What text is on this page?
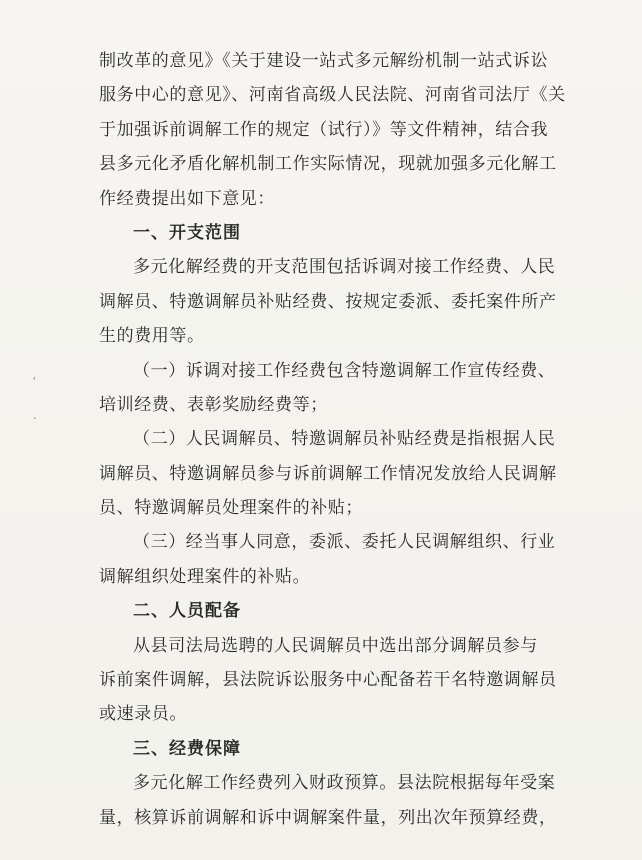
制改革的意见》《关于建设一站式多元解纷机制一站式诉讼
服务中心的意见》、河南省高级人民法院、河南省司法厅《关
于加强诉前调解工作的规定（试行）》等文件精神，结合我
县多元化矛盾化解机制工作实际情况，现就加强多元化解工
作经费提出如下意见：
一、开支范围
多元化解经费的开支范围包括诉调对接工作经费、人民
调解员、特邀调解员补贴经费、按规定委派、委托案件所产
生的费用等。
（一）诉调对接工作经费包含特邀调解工作宣传经费、
培训经费、表彰奖励经费等；
（二）人民调解员、特邀调解员补贴经费是指根据人民
调解员、特邀调解员参与诉前调解工作情况发放给人民调解
员、特邀调解员处理案件的补贴；
（三）经当事人同意，委派、委托人民调解组织、行业
调解组织处理案件的补贴。
二、人员配备
从县司法局选聘的人民调解员中选出部分调解员参与
诉前案件调解，县法院诉讼服务中心配备若干名特邀调解员
或速录员。
三、经费保障
多元化解工作经费列入财政预算。县法院根据每年受案
量，核算诉前调解和诉中调解案件量，列出次年预算经费，
ʾ
·
